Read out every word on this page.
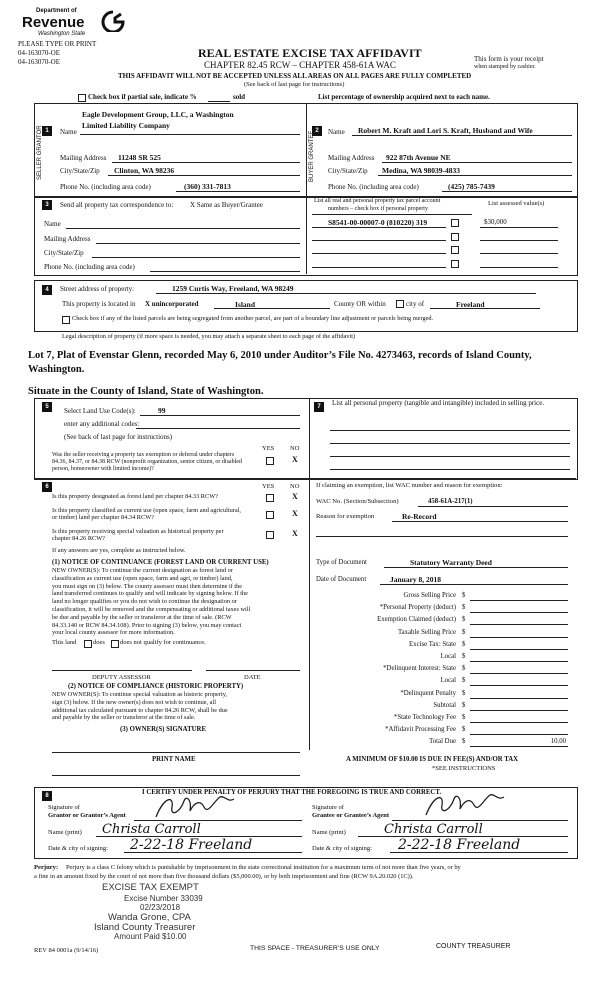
Department of
Revenue
Washington State
PLEASE TYPE OR PRINT
04-163070-OE
04-163070-OE
REAL ESTATE EXCISE TAX AFFIDAVIT
CHAPTER 82.45 RCW – CHAPTER 458-61A WAC
THIS AFFIDAVIT WILL NOT BE ACCEPTED UNLESS ALL AREAS ON ALL PAGES ARE FULLY COMPLETED
(See back of last page for instructions)
This form is your receipt
when stamped by cashier.
Check box if partial sale, indicate %	sold	List percentage of ownership acquired next to each name.
1
SELLER GRANTOR Name
Eagle Development Group, LLC, a Washington
Limited Liability Company
Mailing Address 11248 SR 525
City/State/Zip Clinton, WA 98236
Phone No. (including area code)	(360) 331-7813
2
BUYER GRANTEE Name Robert M. Kraft and Lori S. Kraft, Husband and Wife
Mailing Address 922 87th Avenue NE
City/State/Zip Medina, WA 98039-4833
Phone No. (including area code)	(425) 785-7439
3	Send all property tax correspondence to: X Same as Buyer/Grantee
Name
Mailing Address
City/State/Zip
Phone No. (including area code)
List all real and personal property tax parcel account
numbers – check box if personal property
List assessed value(s)
S8541-00-00007-0 (810220) 319	$30,000
4	Street address of property:	1259 Curtis Way, Freeland, WA 98249
This property is located in X unincorporated	Island	County OR within	city of	Freeland
Check box if any of the listed parcels are being segregated from another parcel, are part of a boundary line adjustment or parcels being merged.
Legal description of property (if more space is needed, you may attach a separate sheet to each page of the affidavit)
Lot 7, Plat of Evenstar Glenn, recorded May 6, 2010 under Auditor’s File No. 4273463, records of Island County,
Washington.
Situate in the County of Island, State of Washington.
5	Select Land Use Code(s):	99
enter any additional codes:
(See back of last page for instructions)
YES NO
Was the seller receiving a property tax exemption or deferral under chapters 84.36, 84.37, or 84.38 RCW (nonprofit organization, senior citizen, or disabled person, homeowner with limited income)?
X
7	List all personal property (tangible and intangible) included in selling price.
6	YES NO
Is this property designated as forest land per chapter 84.33 RCW?	X
Is this property classified as current use (open space, farm and agricultural, or timber) land per chapter 84.34 RCW?	X
Is this property receiving special valuation as historical property per chapter 84.26 RCW?
X
If any answers are yes, complete as instructed below.
(1) NOTICE OF CONTINUANCE (FOREST LAND OR CURRENT USE)
NEW OWNER(S): To continue the current designation as forest land or
classification as current use (open space, farm and agri, or timber) land,
you must sign on (3) below. The county assessor must then determine if the
land transferred continues to qualify and will indicate by signing below. If the
land no longer qualifies or you do not wish to continue the designation or
classification, it will be removed and the compensating or additional taxes will
be due and payable by the seller or transferor at the time of sale. (RCW
84.33.140 or RCW 84.34.108). Prior to signing (3) below, you may contact
your local county assessor for more information.
This land	does does not qualify for continuance.
DEPUTY ASSESSOR	DATE
(2) NOTICE OF COMPLIANCE (HISTORIC PROPERTY)
NEW OWNER(S): To continue special valuation as historic property,
sign (3) below. If the new owner(s) does not wish to continue, all
additional tax calculated pursuant to chapter 84.26 RCW, shall be due
and payable by the seller or transferor at the time of sale.
(3) OWNER(S) SIGNATURE
PRINT NAME
If claiming an exemption, list WAC number and reason for exemption:
WAC No. (Section/Subsection)	458-61A-217(1)
Reason for exemption	Re-Record
Type of Document	Statutory Warranty Deed
Date of Document	January 8, 2018
Gross Selling Price $
*Personal Property (deduct) $
Exemption Claimed (deduct) $
Taxable Selling Price $
Excise Tax: State $
Local $
*Delinquent Interest: State $
Local $
*Delinquent Penalty $
Subtotal $
*State Technology Fee $
*Affidavit Processing Fee $
Total Due $	10.00
A MINIMUM OF $10.00 IS DUE IN FEE(S) AND/OR TAX
*SEE INSTRUCTIONS
8	I CERTIFY UNDER PENALTY OF PERJURY THAT THE FOREGOING IS TRUE AND CORRECT.
Signature of
Grantor or Grantor’s Agent
Name (print) Christa Carroll
Date & city of signing: 2-22-18 Freeland
Signature of
Grantee or Grantee’s Agent
Name (print)	Christa Carroll
Date & city of signing: 2-22-18 Freeland
Perjury: Perjury is a class C felony which is punishable by imprisonment in the state correctional institution for a maximum term of not more than five years, or by
a fine in an amount fixed by the court of not more than five thousand dollars ($5,000.00), or by both imprisonment and fine (RCW 9A.20.020 (1C)).
EXCISE TAX EXEMPT
Excise Number 33039
02/23/2018
Wanda Grone, CPA
Island County Treasurer
Amount Paid $10.00
REV 84 0001a (9/14/16)	THIS SPACE - TREASURER’S USE ONLY	COUNTY TREASURER
